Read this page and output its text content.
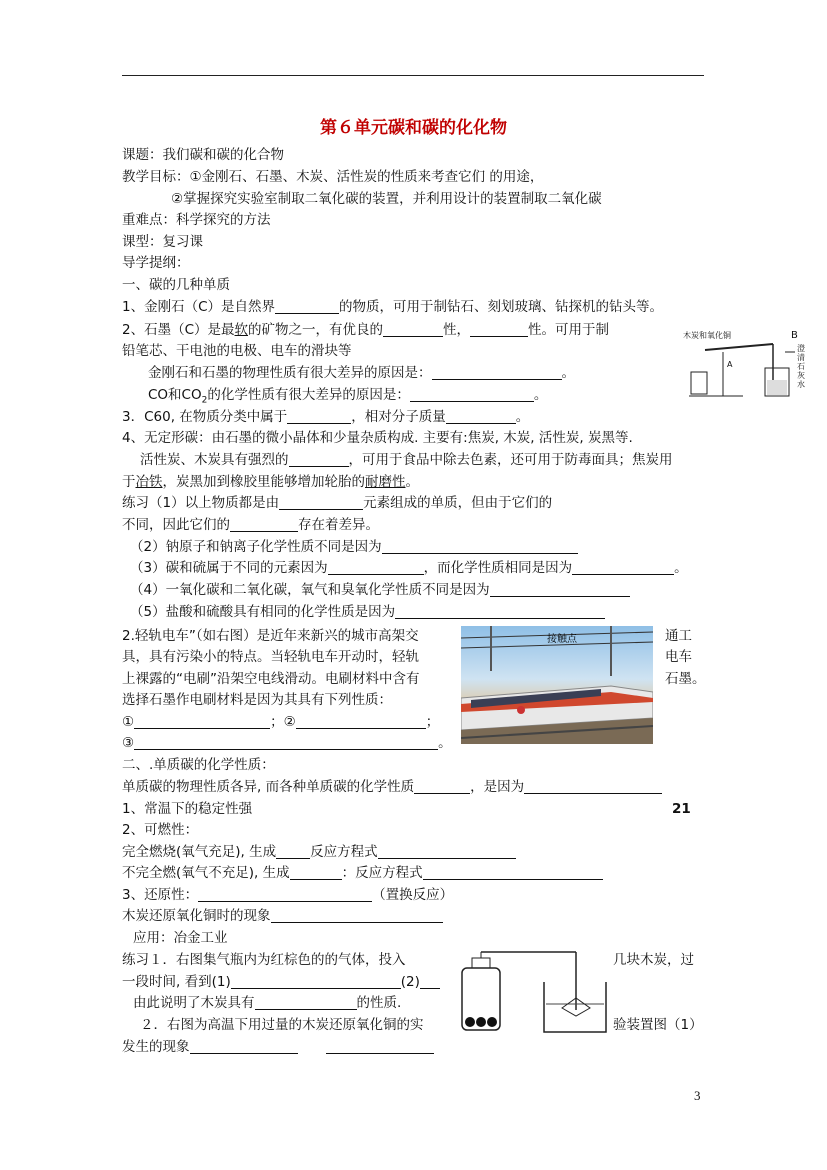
第６单元碳和碳的化化物
课题：我们碳和碳的化合物
教学目标：①金刚石、石墨、木炭、活性炭的性质来考查它们 的用途，
②掌握探究实验室制取二氧化碳的装置，并利用设计的装置制取二氧化碳
重难点：科学探究的方法
课型：复习课
导学提纲：
一、碳的几种单质
1、金刚石（C）是自然界	的物质，可用于制钻石、刻划玻璃、钻探机的钻头等。
2、石墨（C）是最软的矿物之一，有优良的	性，	性。可用于制
铅笔芯、干电池的电极、电车的滑块等
金刚石和石墨的物理性质有很大差异的原因是：	。
CO和$CO_2$的化学性质有很大差异的原因是：	。
3．C60, 在物质分类中属于	，相对分子质量	。
4、无定形碳：由石墨的微小晶体和少量杂质构成. 主要有:焦炭, 木炭, 活性炭, 炭黑等.
活性炭、木炭具有强烈的	，可用于食品中除去色素，还可用于防毒面具；焦炭用
于冶铁，炭黑加到橡胶里能够增加轮胎的耐磨性。
练习（1）以上物质都是由	元素组成的单质，但由于它们的
不同，因此它们的	存在着差异。
（2）钠原子和钠离子化学性质不同是因为
（3）碳和硫属于不同的元素因为	，而化学性质相同是因为	。
（4）一氧化碳和二氧化碳，氧气和臭氧化学性质不同是因为
（5）盐酸和硫酸具有相同的化学性质是因为
2.轻轨电车”（如右图）是近年来新兴的城市高架交	通工
具，具有污染小的特点。当轻轨电车开动时，轻轨	电车
上裸露的“电刷”沿架空电线滑动。电刷材料中含有	石墨。
选择石墨作电刷材料是因为其具有下列性质：
①	；②	；
③	。
接触点
二、.单质碳的化学性质：
单质碳的物理性质各异, 而各种单质碳的化学性质	，是因为
1、常温下的稳定性强	21
2、可燃性：
完全燃烧(氧气充足), 生成	反应方程式
不完全燃(氧气不充足), 生成	：反应方程式
3、还原性：	（置换反应）
木炭还原氧化铜时的现象
应用：冶金工业
练习１．右图集气瓶内为红棕色的的气体，投入	几块木炭，过
一段时间, 看到(1)	(2)
由此说明了木炭具有	的性质.
２．右图为高温下用过量的木炭还原氧化铜的实	验装置图（1）
发生的现象
木炭和氧化铜	B
A
澄清石灰水
3
